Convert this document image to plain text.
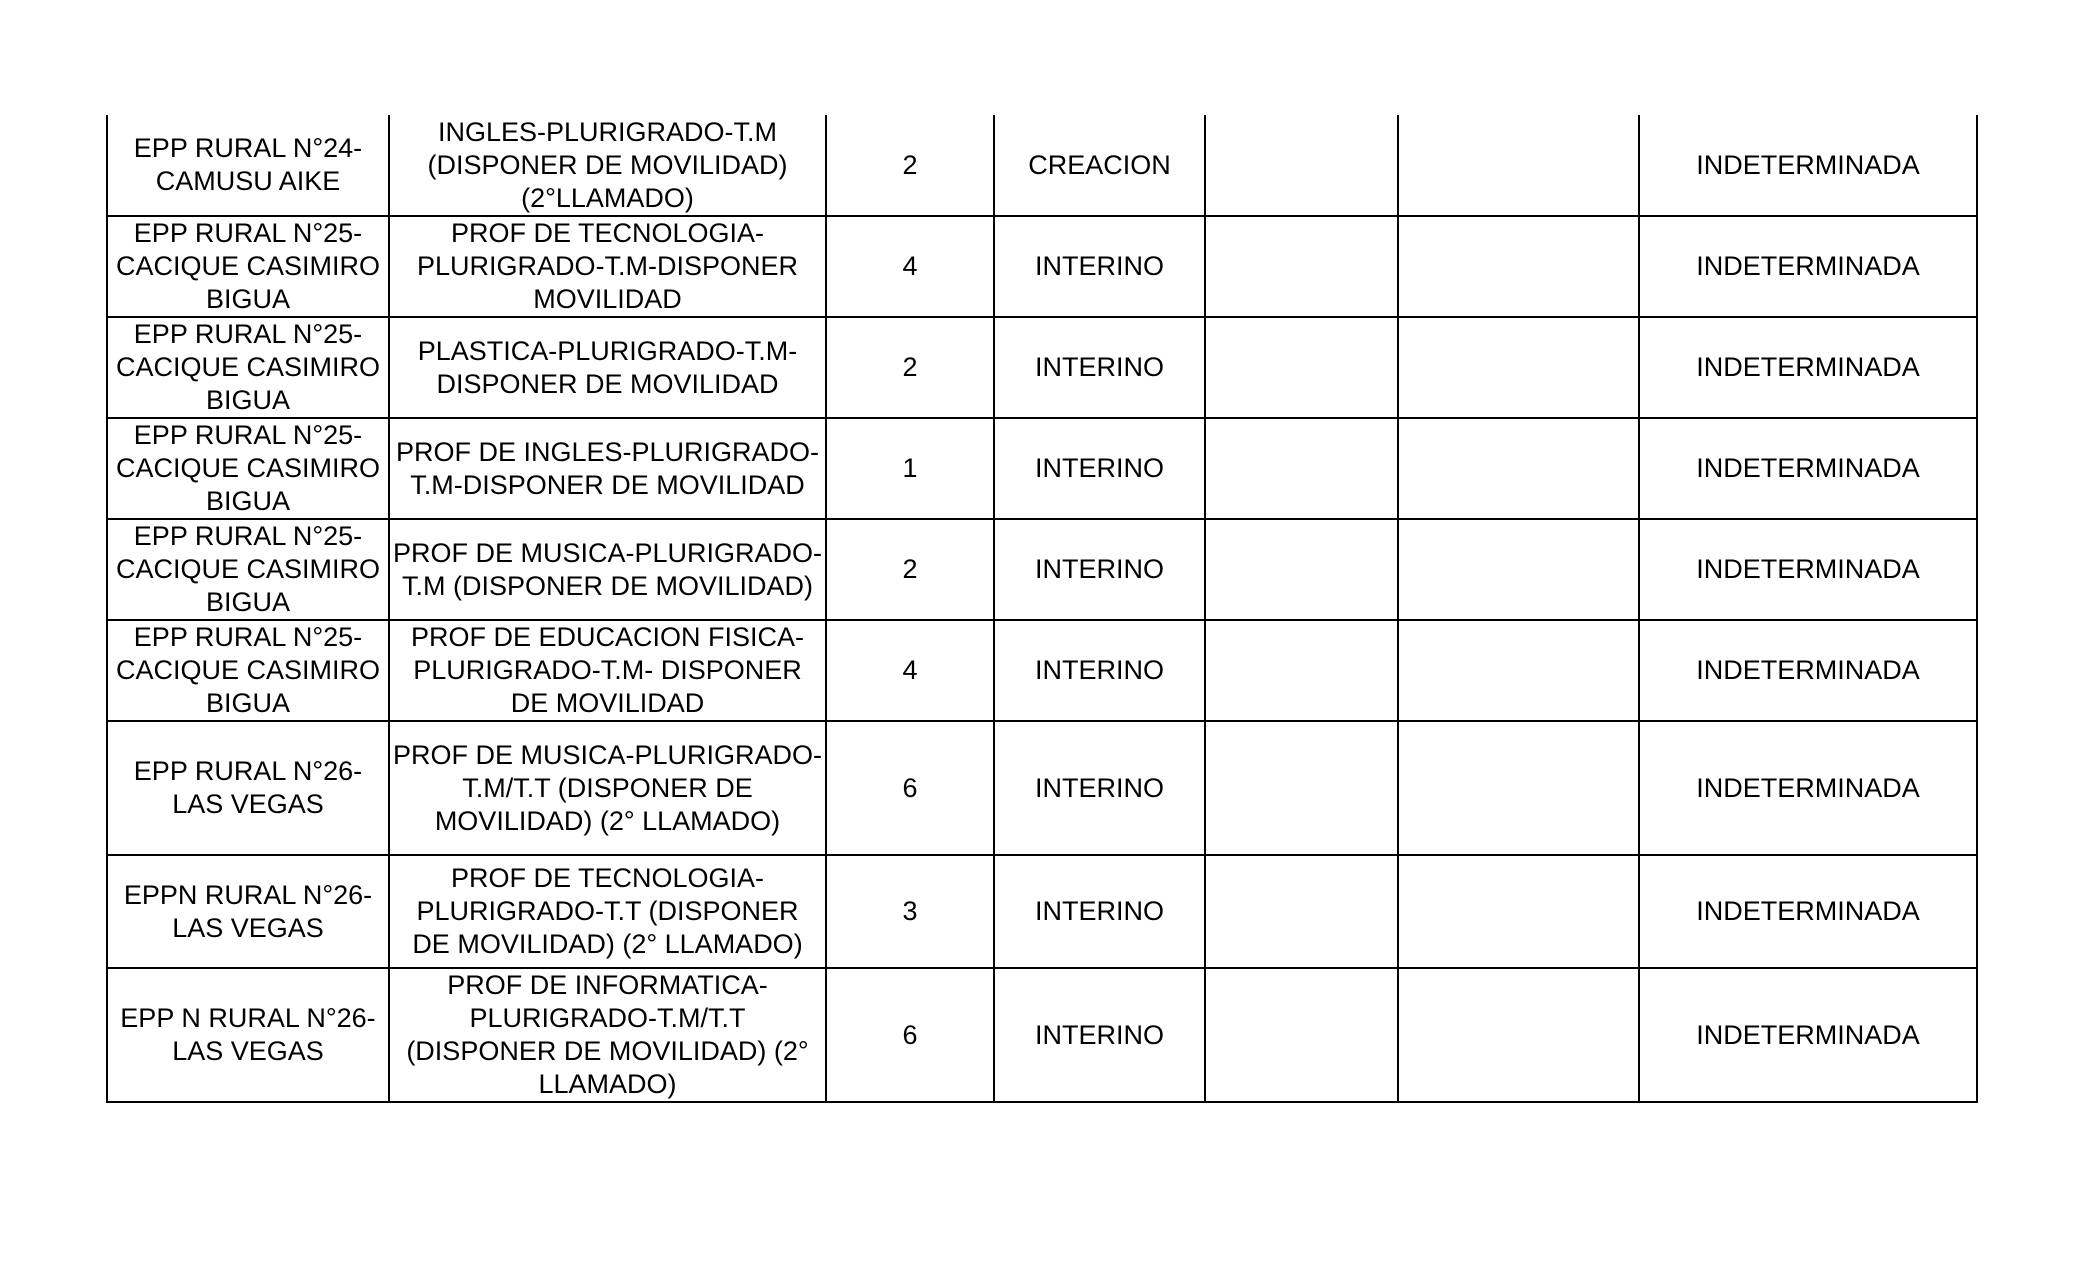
EPP RURAL N°24-
CAMUSU AIKE	INGLES-PLURIGRADO-T.M
(DISPONER DE MOVILIDAD)
(2°LLAMADO)	2	CREACION			INDETERMINADA

EPP RURAL N°25-
CACIQUE CASIMIRO
BIGUA	PROF DE TECNOLOGIA-
PLURIGRADO-T.M-DISPONER
MOVILIDAD	4	INTERINO			INDETERMINADA

EPP RURAL N°25-
CACIQUE CASIMIRO
BIGUA	PLASTICA-PLURIGRADO-T.M-
DISPONER DE MOVILIDAD	2	INTERINO			INDETERMINADA

EPP RURAL N°25-
CACIQUE CASIMIRO
BIGUA	PROF DE INGLES-PLURIGRADO-
T.M-DISPONER DE MOVILIDAD	1	INTERINO			INDETERMINADA

EPP RURAL N°25-
CACIQUE CASIMIRO
BIGUA	PROF DE MUSICA-PLURIGRADO-
T.M (DISPONER DE MOVILIDAD)	2	INTERINO			INDETERMINADA

EPP RURAL N°25-
CACIQUE CASIMIRO
BIGUA	PROF DE EDUCACION FISICA-
PLURIGRADO-T.M- DISPONER
DE MOVILIDAD	4	INTERINO			INDETERMINADA

EPP RURAL N°26-
LAS VEGAS	PROF DE MUSICA-PLURIGRADO-
T.M/T.T (DISPONER DE
MOVILIDAD) (2° LLAMADO)	6	INTERINO			INDETERMINADA

EPPN RURAL N°26-
LAS VEGAS	PROF DE TECNOLOGIA-
PLURIGRADO-T.T (DISPONER
DE MOVILIDAD) (2° LLAMADO)	3	INTERINO			INDETERMINADA

EPP N RURAL N°26-
LAS VEGAS	PROF DE INFORMATICA-
PLURIGRADO-T.M/T.T
(DISPONER DE MOVILIDAD) (2°
LLAMADO)	6	INTERINO			INDETERMINADA
